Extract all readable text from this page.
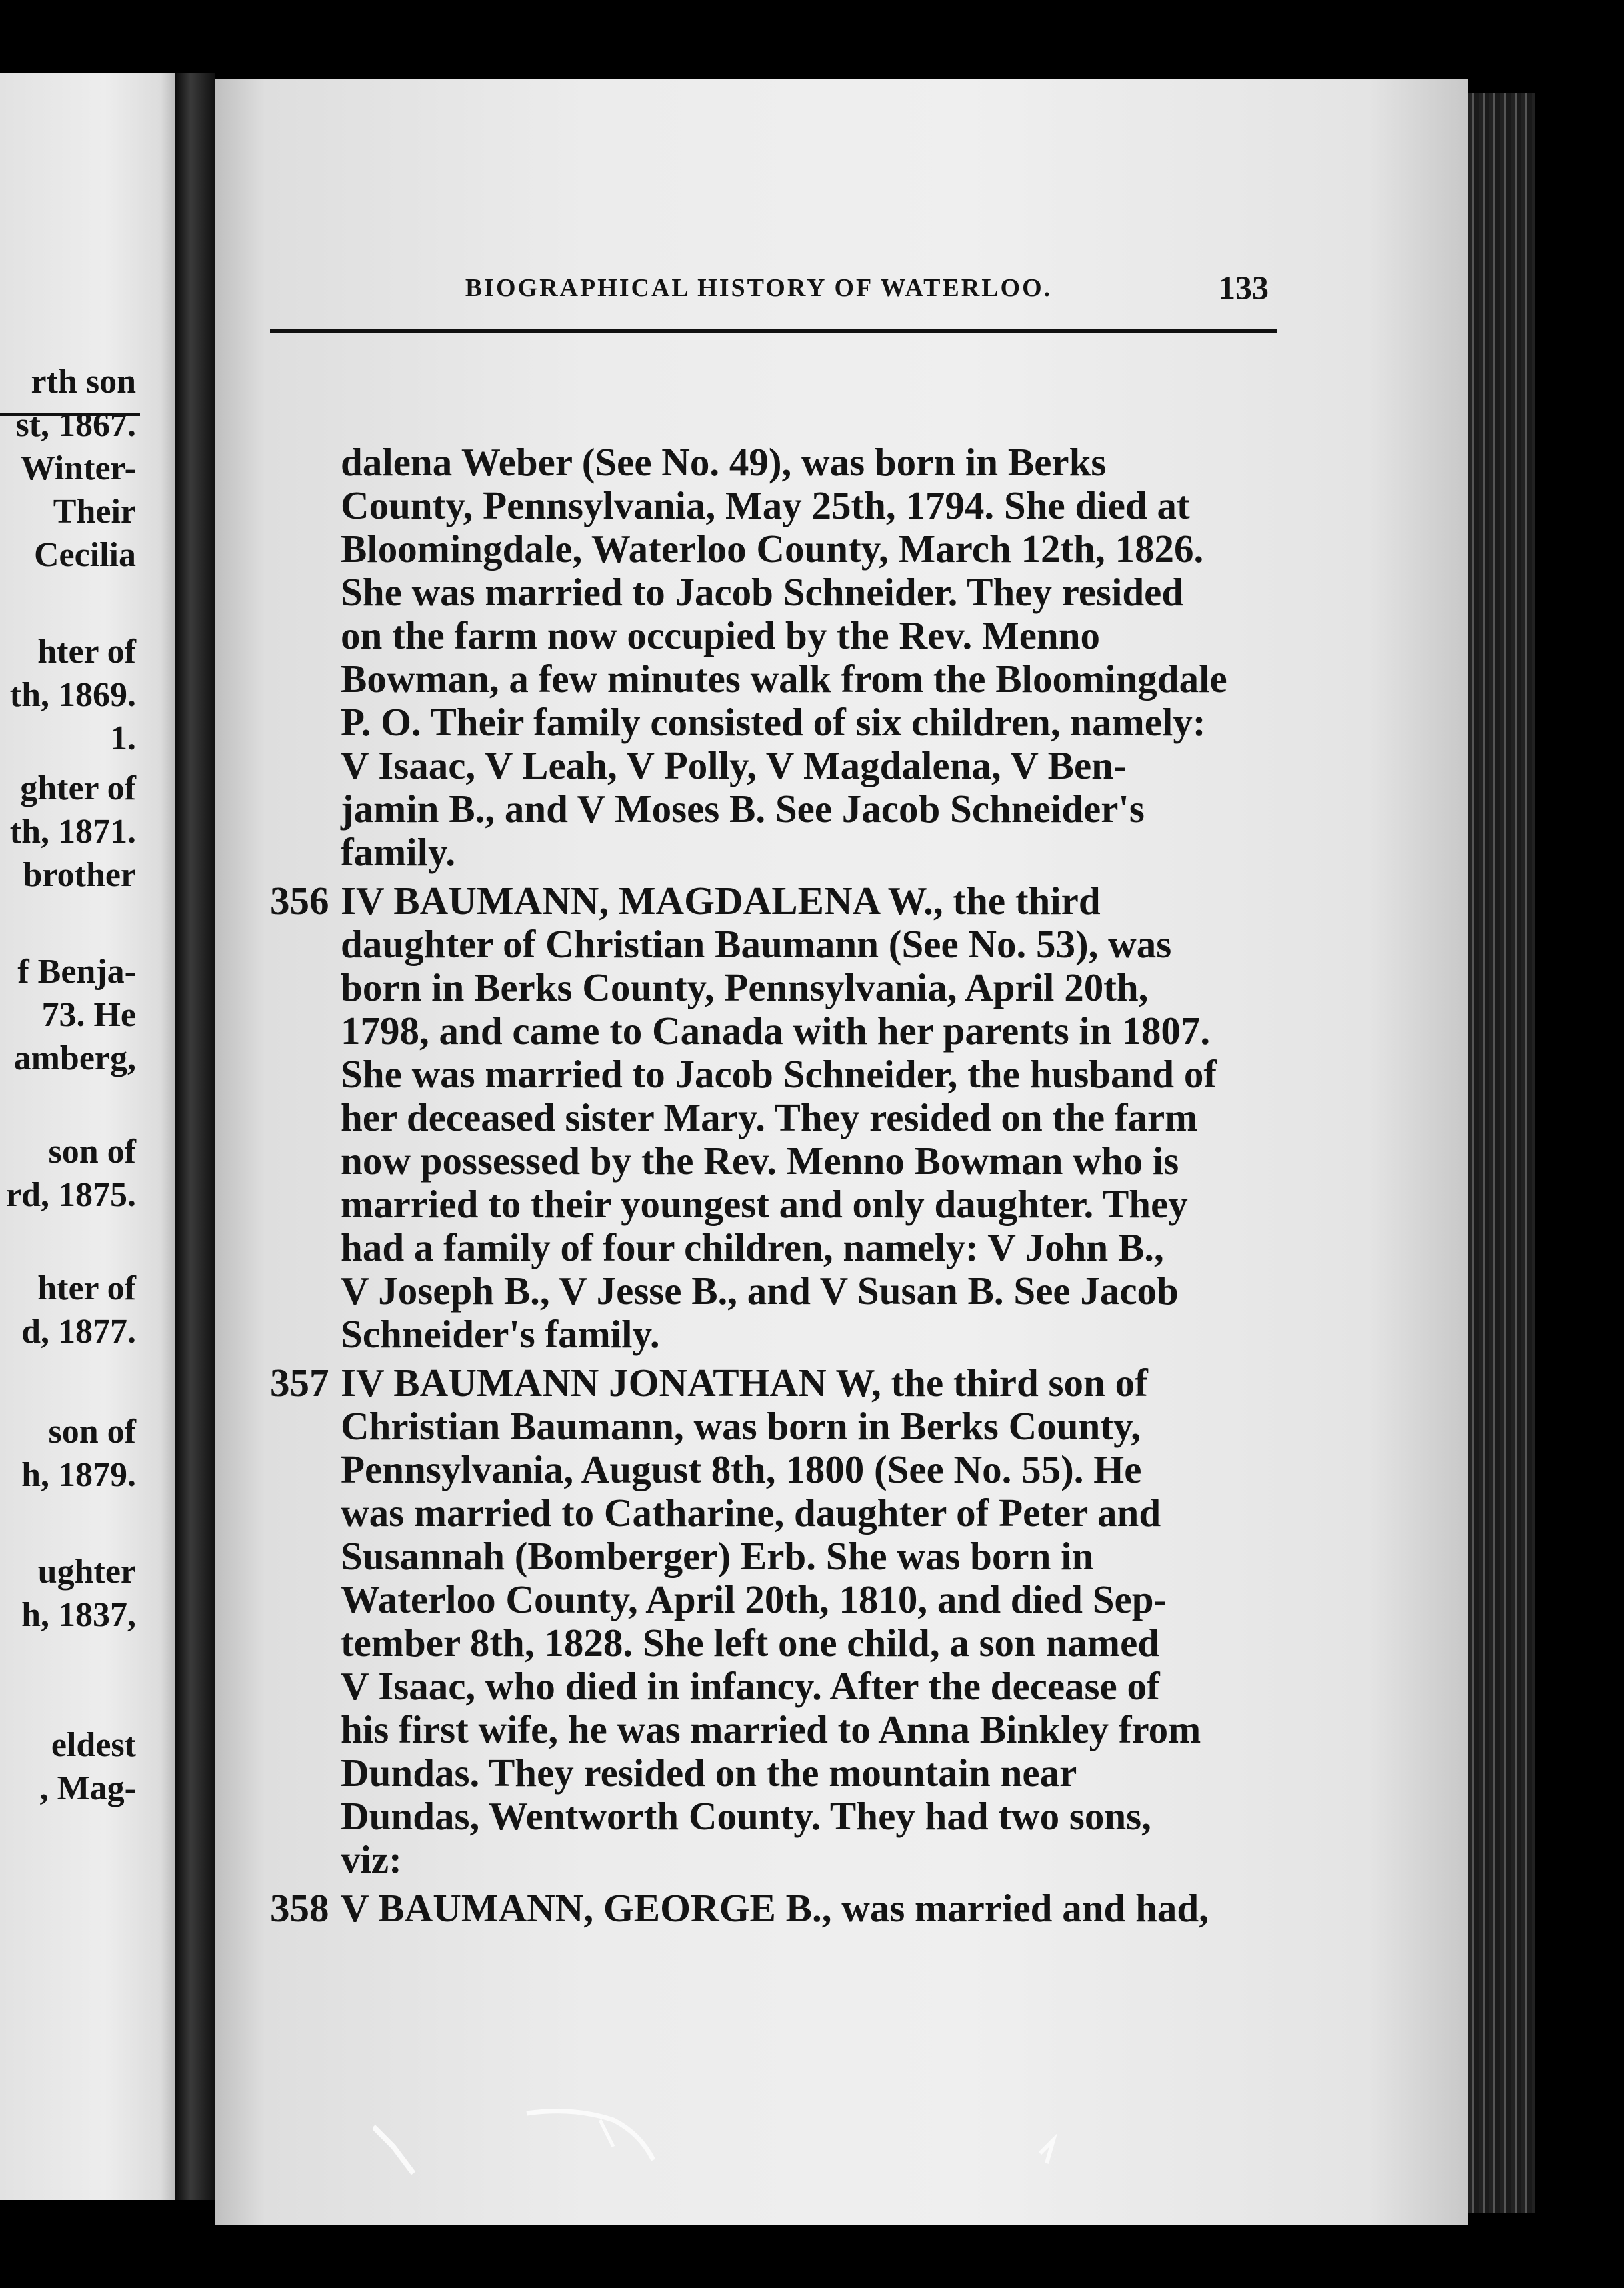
rth son
st, 1867.
Winter-
Their
Cecilia
hter of
th, 1869.
1.
ghter of
th, 1871.
brother
f Benja-
73. He
amberg,
son of
rd, 1875.
hter of
d, 1877.
son of
h, 1879.
ughter
h, 1837,
eldest
, Mag-
BIOGRAPHICAL HISTORY OF WATERLOO.	133
dalena Weber (See No. 49), was born in Berks
County, Pennsylvania, May 25th, 1794. She died at
Bloomingdale, Waterloo County, March 12th, 1826.
She was married to Jacob Schneider. They resided
on the farm now occupied by the Rev. Menno
Bowman, a few minutes walk from the Bloomingdale
P. O. Their family consisted of six children, namely:
V Isaac, V Leah, V Polly, V Magdalena, V Ben-
jamin B., and V Moses B. See Jacob Schneider's
family.
356 IV BAUMANN, MAGDALENA W., the third
daughter of Christian Baumann (See No. 53), was
born in Berks County, Pennsylvania, April 20th,
1798, and came to Canada with her parents in 1807.
She was married to Jacob Schneider, the husband of
her deceased sister Mary. They resided on the farm
now possessed by the Rev. Menno Bowman who is
married to their youngest and only daughter. They
had a family of four children, namely: V John B.,
V Joseph B., V Jesse B., and V Susan B. See Jacob
Schneider's family.
357 IV BAUMANN JONATHAN W, the third son of
Christian Baumann, was born in Berks County,
Pennsylvania, August 8th, 1800 (See No. 55). He
was married to Catharine, daughter of Peter and
Susannah (Bomberger) Erb. She was born in
Waterloo County, April 20th, 1810, and died Sep-
tember 8th, 1828. She left one child, a son named
V Isaac, who died in infancy. After the decease of
his first wife, he was married to Anna Binkley from
Dundas. They resided on the mountain near
Dundas, Wentworth County. They had two sons,
viz:
358 V BAUMANN, GEORGE B., was married and had,
